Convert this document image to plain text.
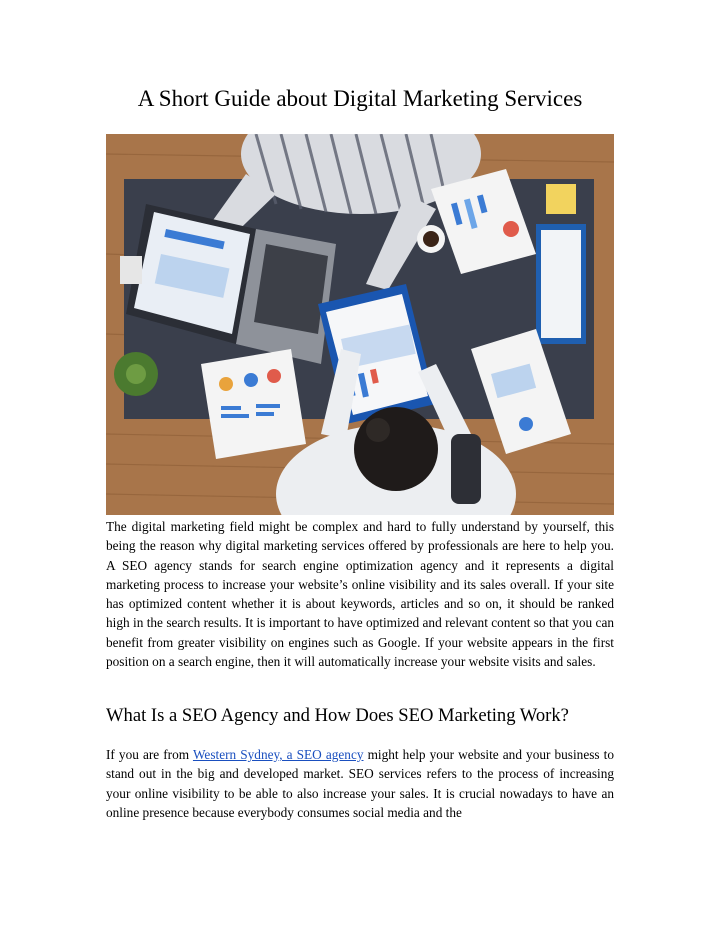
A Short Guide about Digital Marketing Services

The digital marketing field might be complex and hard to fully understand by yourself, this being the reason why digital marketing services offered by professionals are here to help you. A SEO agency stands for search engine optimization agency and it represents a digital marketing process to increase your website’s online visibility and its sales overall. If your site has optimized content whether it is about keywords, articles and so on, it should be ranked high in the search results. It is important to have optimized and relevant content so that you can benefit from greater visibility on engines such as Google. If your website appears in the first position on a search engine, then it will automatically increase your website visits and sales.

What Is a SEO Agency and How Does SEO Marketing Work?

If you are from Western Sydney, a SEO agency might help your website and your business to stand out in the big and developed market. SEO services refers to the process of increasing your online visibility to be able to also increase your sales. It is crucial nowadays to have an online presence because everybody consumes social media and the
